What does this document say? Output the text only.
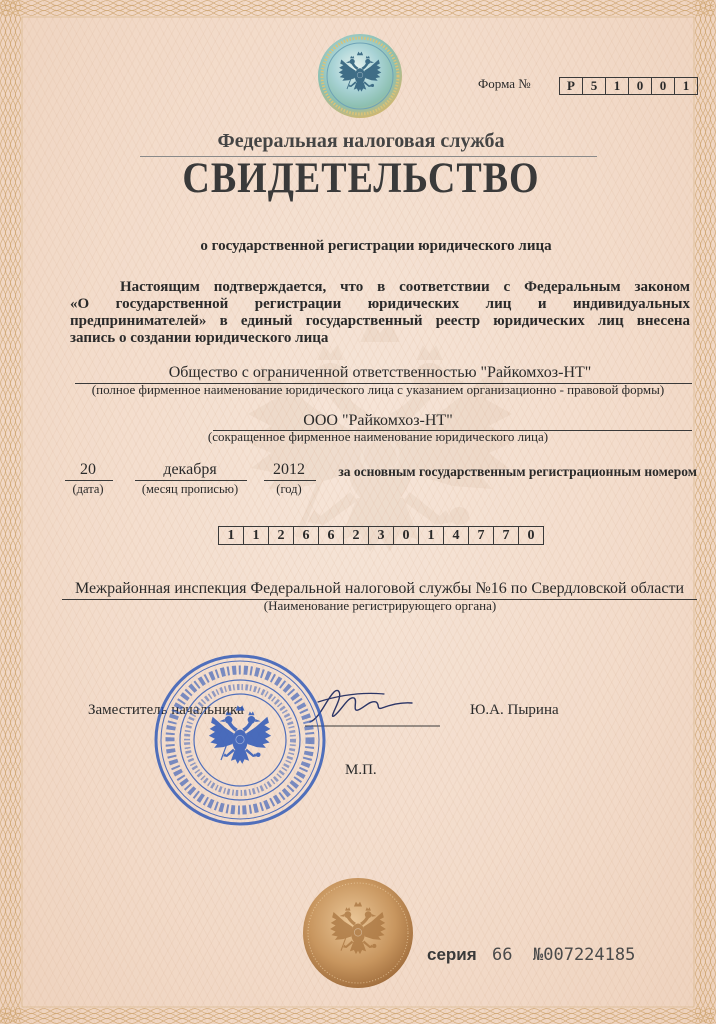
Форма №	Р	5	1	0	0	1
Федеральная налоговая служба
СВИДЕТЕЛЬСТВО
о государственной регистрации юридического лица
Настоящим подтверждается, что в соответствии с Федеральным законом
«О государственной регистрации юридических лиц и индивидуальных
предпринимателей» в единый государственный реестр юридических лиц внесена
запись о создании юридического лица
Общество с ограниченной ответственностью "Райкомхоз-НТ"
(полное фирменное наименование юридического лица с указанием организационно - правовой формы)
ООО "Райкомхоз-НТ"
(сокращенное фирменное наименование юридического лица)
20
(дата)
декабря
(месяц прописью)
2012
(год)
за основным государственным регистрационным номером
1	1	2	6	6	2	3	0	1	4	7	7	0
Межрайонная инспекция Федеральной налоговой службы №16 по Свердловской области
(Наименование регистрирующего органа)
Заместитель начальника	Ю.А. Пырина
М.П.
серия 66 №007224185
